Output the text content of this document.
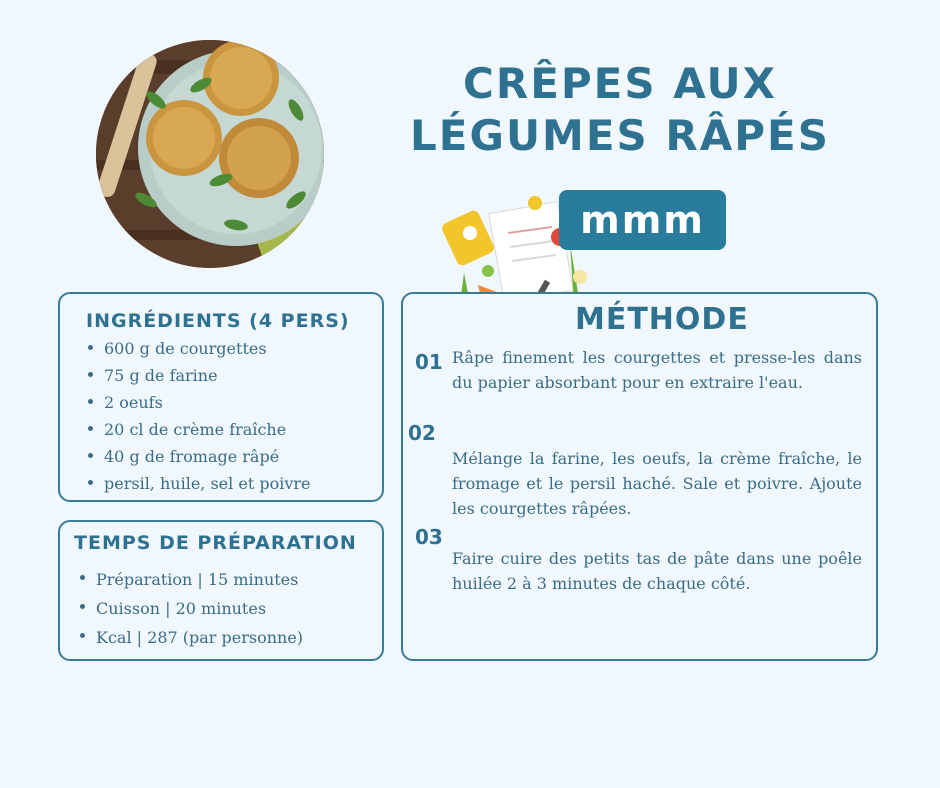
CRÊPES AUX
LÉGUMES RÂPÉS
mmm
INGRÉDIENTS (4 PERS)
600 g de courgettes
75 g de farine
2 oeufs
20 cl de crème fraîche
40 g de fromage râpé
persil, huile, sel et poivre
TEMPS DE PRÉPARATION
Préparation | 15 minutes
Cuisson | 20 minutes
Kcal | 287 (par personne)
MÉTHODE
01 Râpe finement les courgettes et presse-les dans du papier absorbant pour en extraire l'eau.
02
Mélange la farine, les oeufs, la crème fraîche, le fromage et le persil haché. Sale et poivre. Ajoute les courgettes râpées.
03
Faire cuire des petits tas de pâte dans une poêle huilée 2 à 3 minutes de chaque côté.
